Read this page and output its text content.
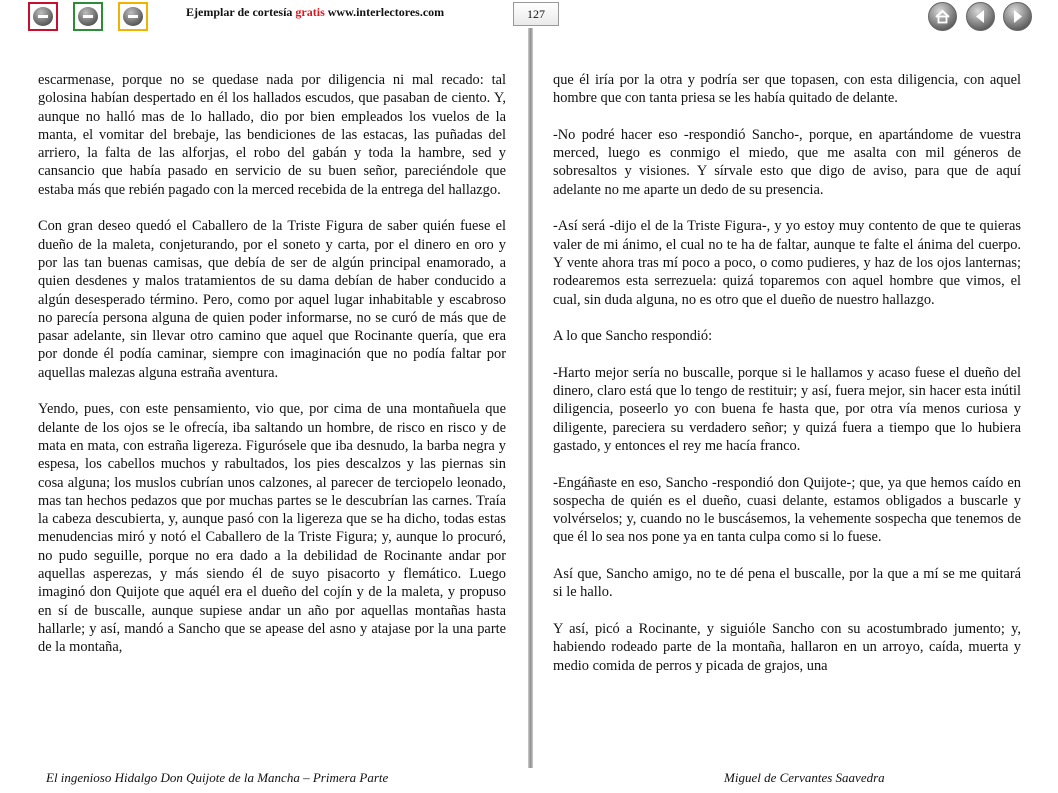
Ejemplar de cortesía gratis www.interlectores.com	127

escarmenase, porque no se quedase nada por diligencia ni mal recado: tal golosina habían despertado en él los hallados escudos, que pasaban de ciento. Y, aunque no halló mas de lo hallado, dio por bien empleados los vuelos de la manta, el vomitar del brebaje, las bendiciones de las estacas, las puñadas del arriero, la falta de las alforjas, el robo del gabán y toda la hambre, sed y cansancio que había pasado en servicio de su buen señor, pareciéndole que estaba más que rebién pagado con la merced recebida de la entrega del hallazgo.

Con gran deseo quedó el Caballero de la Triste Figura de saber quién fuese el dueño de la maleta, conjeturando, por el soneto y carta, por el dinero en oro y por las tan buenas camisas, que debía de ser de algún principal enamorado, a quien desdenes y malos tratamientos de su dama debían de haber conducido a algún desesperado término. Pero, como por aquel lugar inhabitable y escabroso no parecía persona alguna de quien poder informarse, no se curó de más que de pasar adelante, sin llevar otro camino que aquel que Rocinante quería, que era por donde él podía caminar, siempre con imaginación que no podía faltar por aquellas malezas alguna estraña aventura.

Yendo, pues, con este pensamiento, vio que, por cima de una montañuela que delante de los ojos se le ofrecía, iba saltando un hombre, de risco en risco y de mata en mata, con estraña ligereza. Figurósele que iba desnudo, la barba negra y espesa, los cabellos muchos y rabultados, los pies descalzos y las piernas sin cosa alguna; los muslos cubrían unos calzones, al parecer de terciopelo leonado, mas tan hechos pedazos que por muchas partes se le descubrían las carnes. Traía la cabeza descubierta, y, aunque pasó con la ligereza que se ha dicho, todas estas menudencias miró y notó el Caballero de la Triste Figura; y, aunque lo procuró, no pudo seguille, porque no era dado a la debilidad de Rocinante andar por aquellas asperezas, y más siendo él de suyo pisacorto y flemático. Luego imaginó don Quijote que aquél era el dueño del cojín y de la maleta, y propuso en sí de buscalle, aunque supiese andar un año por aquellas montañas hasta hallarle; y así, mandó a Sancho que se apease del asno y atajase por la una parte de la montaña,

que él iría por la otra y podría ser que topasen, con esta diligencia, con aquel hombre que con tanta priesa se les había quitado de delante.

-No podré hacer eso -respondió Sancho-, porque, en apartándome de vuestra merced, luego es conmigo el miedo, que me asalta con mil géneros de sobresaltos y visiones. Y sírvale esto que digo de aviso, para que de aquí adelante no me aparte un dedo de su presencia.

-Así será -dijo el de la Triste Figura-, y yo estoy muy contento de que te quieras valer de mi ánimo, el cual no te ha de faltar, aunque te falte el ánima del cuerpo. Y vente ahora tras mí poco a poco, o como pudieres, y haz de los ojos lanternas; rodearemos esta serrezuela: quizá toparemos con aquel hombre que vimos, el cual, sin duda alguna, no es otro que el dueño de nuestro hallazgo.

A lo que Sancho respondió:

-Harto mejor sería no buscalle, porque si le hallamos y acaso fuese el dueño del dinero, claro está que lo tengo de restituir; y así, fuera mejor, sin hacer esta inútil diligencia, poseerlo yo con buena fe hasta que, por otra vía menos curiosa y diligente, pareciera su verdadero señor; y quizá fuera a tiempo que lo hubiera gastado, y entonces el rey me hacía franco.

-Engáñaste en eso, Sancho -respondió don Quijote-; que, ya que hemos caído en sospecha de quién es el dueño, cuasi delante, estamos obligados a buscarle y volvérselos; y, cuando no le buscásemos, la vehemente sospecha que tenemos de que él lo sea nos pone ya en tanta culpa como si lo fuese.

Así que, Sancho amigo, no te dé pena el buscalle, por la que a mí se me quitará si le hallo.

Y así, picó a Rocinante, y siguióle Sancho con su acostumbrado jumento; y, habiendo rodeado parte de la montaña, hallaron en un arroyo, caída, muerta y medio comida de perros y picada de grajos, una

El ingenioso Hidalgo Don Quijote de la Mancha – Primera Parte	Miguel de Cervantes Saavedra
